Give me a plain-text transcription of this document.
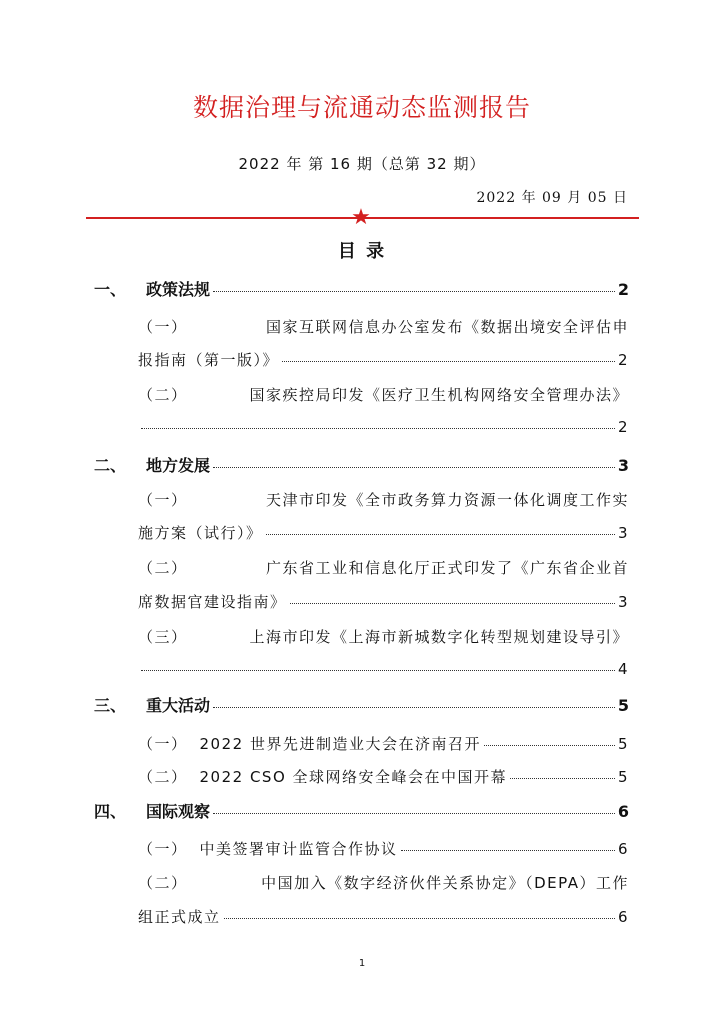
数据治理与流通动态监测报告
2022 年 第 16 期（总第 32 期）
2022 年 09 月 05 日
★
目 录
一、	政策法规	2
（一）	国家互联网信息办公室发布《数据出境安全评估申
报指南（第一版）》	2
（二）	国家疾控局印发《医疗卫生机构网络安全管理办法》
2
二、	地方发展	3
（一）	天津市印发《全市政务算力资源一体化调度工作实
施方案（试行）》	3
（二）	广东省工业和信息化厅正式印发了《广东省企业首
席数据官建设指南》	3
（三）	上海市印发《上海市新城数字化转型规划建设导引》
4
三、	重大活动	5
（一） 2022 世界先进制造业大会在济南召开	5
（二） 2022 CSO 全球网络安全峰会在中国开幕	5
四、	国际观察	6
（一） 中美签署审计监管合作协议	6
（二）	中国加入《数字经济伙伴关系协定》（DEPA）工作
组正式成立	6
1
